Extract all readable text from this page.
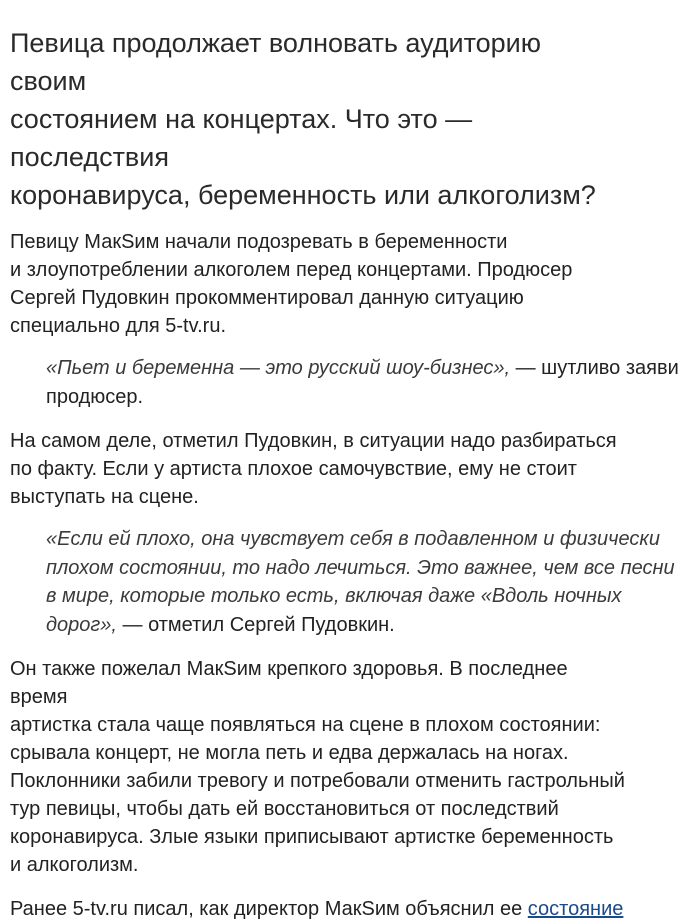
Певица продолжает волновать аудиторию своим
состоянием на концертах. Что это — последствия
коронавируса, беременность или алкоголизм?

Певицу МакSим начали подозревать в беременности
и злоупотреблении алкоголем перед концертами. Продюсер
Сергей Пудовкин прокомментировал данную ситуацию
специально для 5-tv.ru.

«Пьет и беременна — это русский шоу-бизнес», — шутливо заяви
продюсер.

На самом деле, отметил Пудовкин, в ситуации надо разбираться
по факту. Если у артиста плохое самочувствие, ему не стоит
выступать на сцене.

«Если ей плохо, она чувствует себя в подавленном и физически
плохом состоянии, то надо лечиться. Это важнее, чем все песни
в мире, которые только есть, включая даже «Вдоль ночных
дорог», — отметил Сергей Пудовкин.

Он также пожелал МакSим крепкого здоровья. В последнее время
артистка стала чаще появляться на сцене в плохом состоянии:
срывала концерт, не могла петь и едва держалась на ногах.
Поклонники забили тревогу и потребовали отменить гастрольный
тур певицы, чтобы дать ей восстановиться от последствий
коронавируса. Злые языки приписывают артистке беременность
и алкоголизм.

Ранее 5-tv.ru писал, как директор МакSим объяснил ее состояние
